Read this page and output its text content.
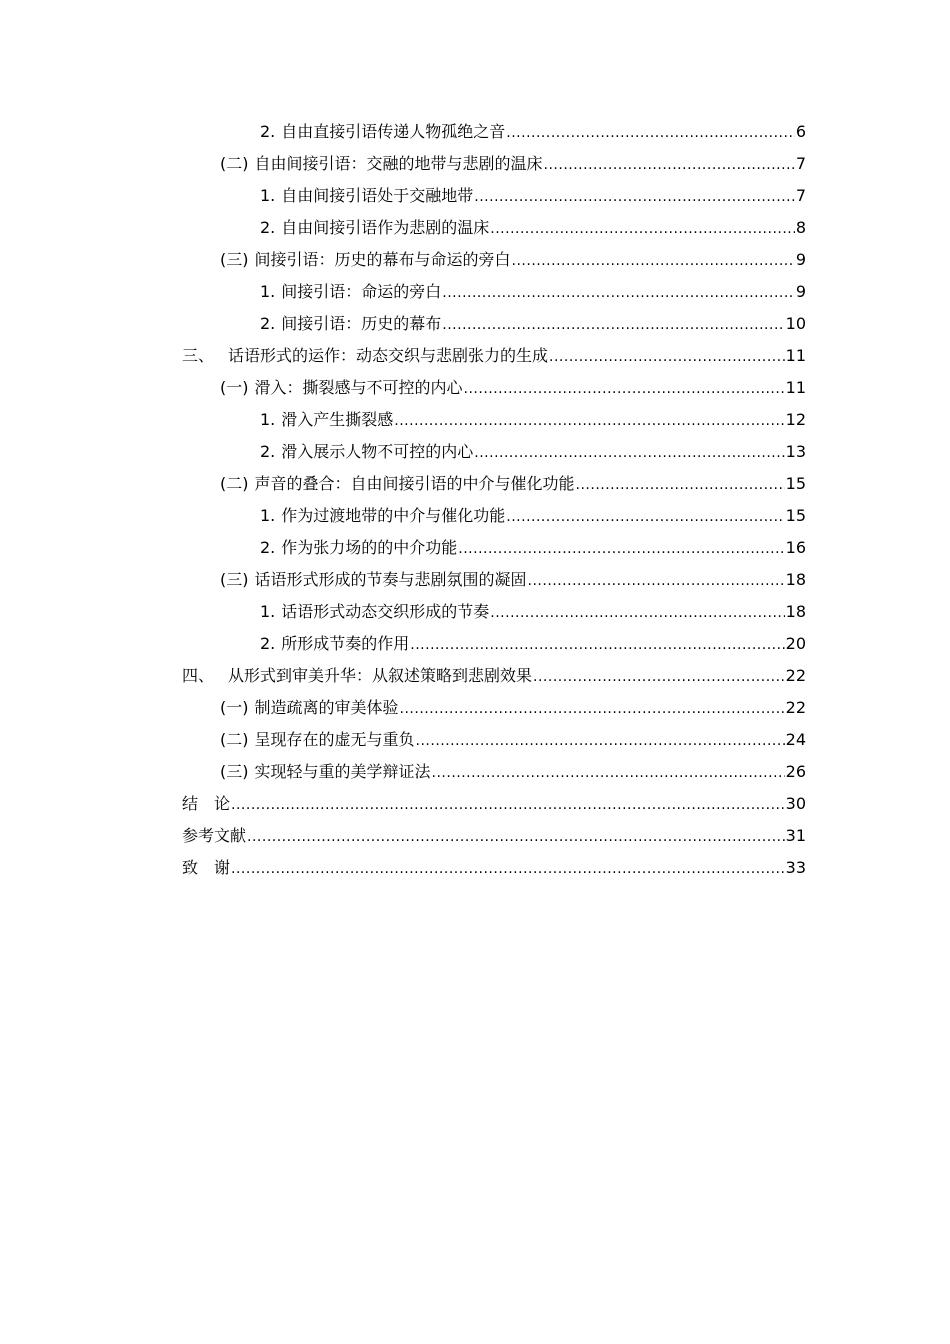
2. 自由直接引语传递人物孤绝之音 .....	6
(二) 自由间接引语：交融的地带与悲剧的温床 .....	7
1. 自由间接引语处于交融地带 .....	7
2. 自由间接引语作为悲剧的温床 .....	8
(三) 间接引语：历史的幕布与命运的旁白 .....	9
1. 间接引语：命运的旁白 .....	9
2. 间接引语：历史的幕布 .....	10
三、 话语形式的运作：动态交织与悲剧张力的生成 .....	11
(一) 滑入：撕裂感与不可控的内心 .....	11
1. 滑入产生撕裂感 .....	12
2. 滑入展示人物不可控的内心 .....	13
(二) 声音的叠合：自由间接引语的中介与催化功能 .....	15
1. 作为过渡地带的中介与催化功能 .....	15
2. 作为张力场的的中介功能 .....	16
(三) 话语形式形成的节奏与悲剧氛围的凝固 .....	18
1. 话语形式动态交织形成的节奏 .....	18
2. 所形成节奏的作用 .....	20
四、 从形式到审美升华：从叙述策略到悲剧效果 .....	22
(一) 制造疏离的审美体验 .....	22
(二) 呈现存在的虚无与重负 .....	24
(三) 实现轻与重的美学辩证法 .....	26
结　论 .....	30
参考文献 .....	31
致　谢 .....	33
